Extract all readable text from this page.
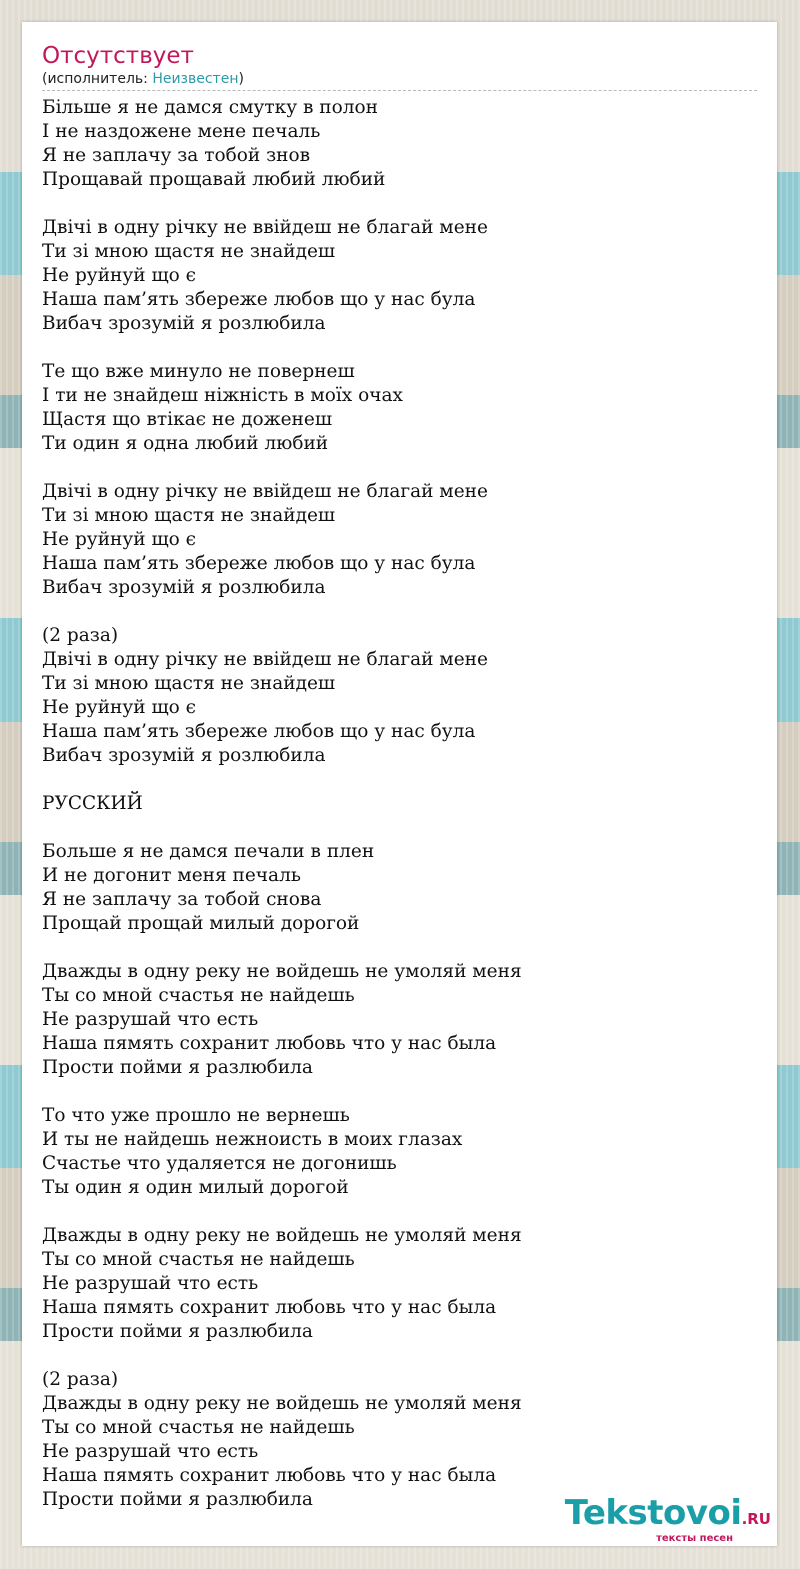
Отсутствует
(исполнитель: Неизвестен)
Більше я не дамся смутку в полон
І не наздожене мене печаль
Я не заплачу за тобой знов
Прощавай прощавай любий любий
Двічі в одну річку не ввійдеш не благай мене
Ти зі мною щастя не знайдеш
Не руйнуй що є
Наша пам’ять збереже любов що у нас була
Вибач зрозумій я розлюбила
Те що вже минуло не повернеш
І ти не знайдеш ніжність в моїх очах
Щастя що втікає не доженеш
Ти один я одна любий любий
Двічі в одну річку не ввійдеш не благай мене
Ти зі мною щастя не знайдеш
Не руйнуй що є
Наша пам’ять збереже любов що у нас була
Вибач зрозумій я розлюбила
(2 раза)
Двічі в одну річку не ввійдеш не благай мене
Ти зі мною щастя не знайдеш
Не руйнуй що є
Наша пам’ять збереже любов що у нас була
Вибач зрозумій я розлюбила
РУССКИЙ
Больше я не дамся печали в плен
И не догонит меня печаль
Я не заплачу за тобой снова
Прощай прощай милый дорогой
Дважды в одну реку не войдешь не умоляй меня
Ты со мной счастья не найдешь
Не разрушай что есть
Наша пямять сохранит любовь что у нас была
Прости пойми я разлюбила
То что уже прошло не вернешь
И ты не найдешь нежноисть в моих глазах
Счастье что удаляется не догонишь
Ты один я один милый дорогой
Дважды в одну реку не войдешь не умоляй меня
Ты со мной счастья не найдешь
Не разрушай что есть
Наша пямять сохранит любовь что у нас была
Прости пойми я разлюбила
(2 раза)
Дважды в одну реку не войдешь не умоляй меня
Ты со мной счастья не найдешь
Не разрушай что есть
Наша пямять сохранит любовь что у нас была
Прости пойми я разлюбила	Tekstovoi.RU
тексты песен
